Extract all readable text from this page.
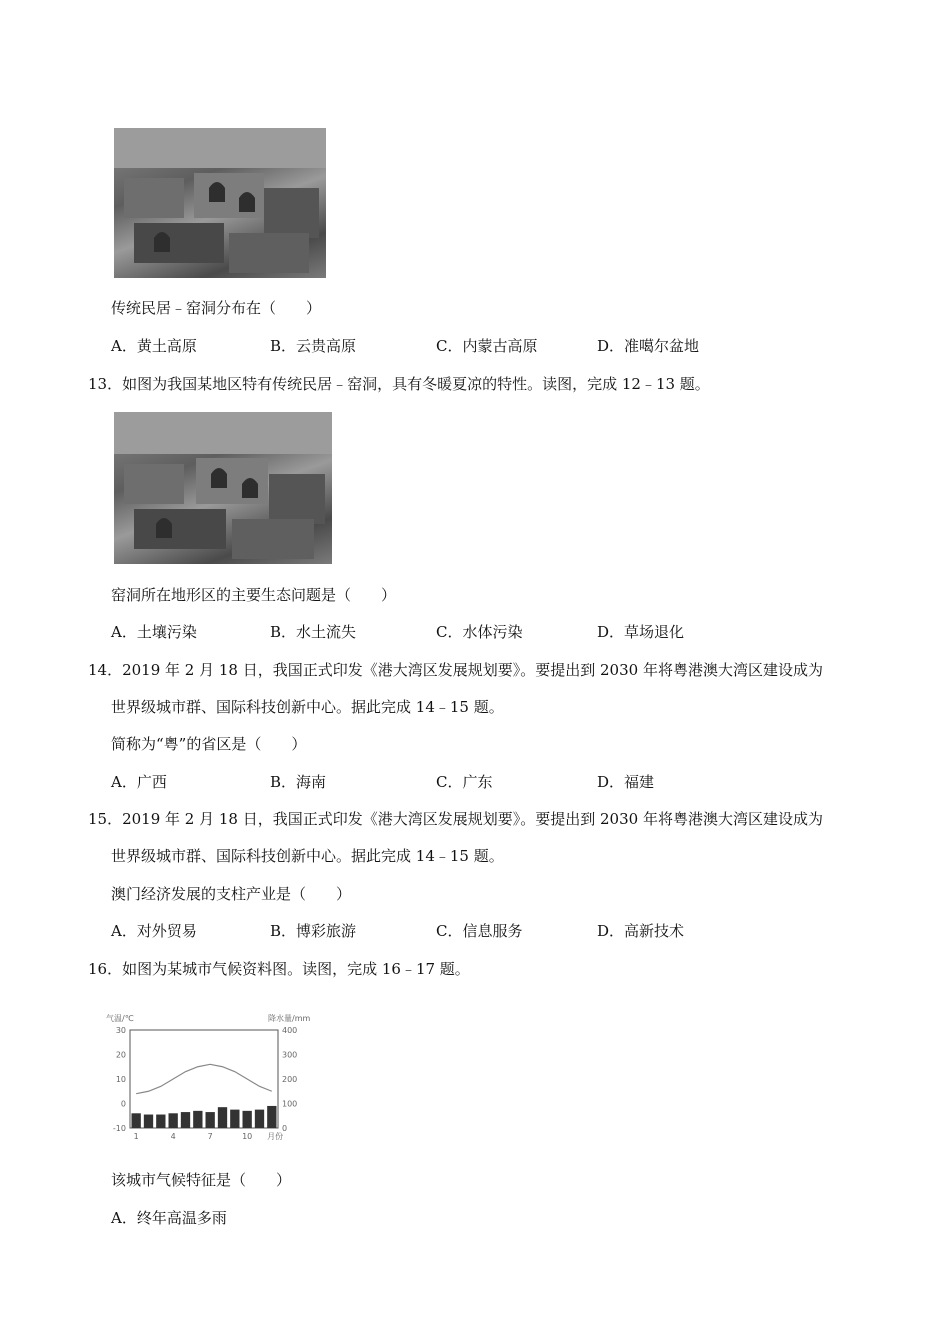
传统民居﹣窑洞分布在（　　）
A．黄土高原	B．云贵高原	C．内蒙古高原	D．准噶尔盆地
13．如图为我国某地区特有传统民居﹣窑洞，具有冬暖夏凉的特性。读图，完成 12﹣13 题。
窑洞所在地形区的主要生态问题是（　　）
A．土壤污染	B．水土流失	C．水体污染	D．草场退化
14．2019 年 2 月 18 日，我国正式印发《港大湾区发展规划要》。要提出到 2030 年将粤港澳大湾区建设成为
世界级城市群、国际科技创新中心。据此完成 14﹣15 题。
简称为“粤”的省区是（　　）
A．广西	B．海南	C．广东	D．福建
15．2019 年 2 月 18 日，我国正式印发《港大湾区发展规划要》。要提出到 2030 年将粤港澳大湾区建设成为
世界级城市群、国际科技创新中心。据此完成 14﹣15 题。
澳门经济发展的支柱产业是（　　）
A．对外贸易	B．博彩旅游	C．信息服务	D．高新技术
16．如图为某城市气候资料图。读图，完成 16﹣17 题。
气温/℃	降水量/mm
30
20
10
0
-10
400
300
200
100
0
1	4	7	10 月份
该城市气候特征是（　　）
A．终年高温多雨
